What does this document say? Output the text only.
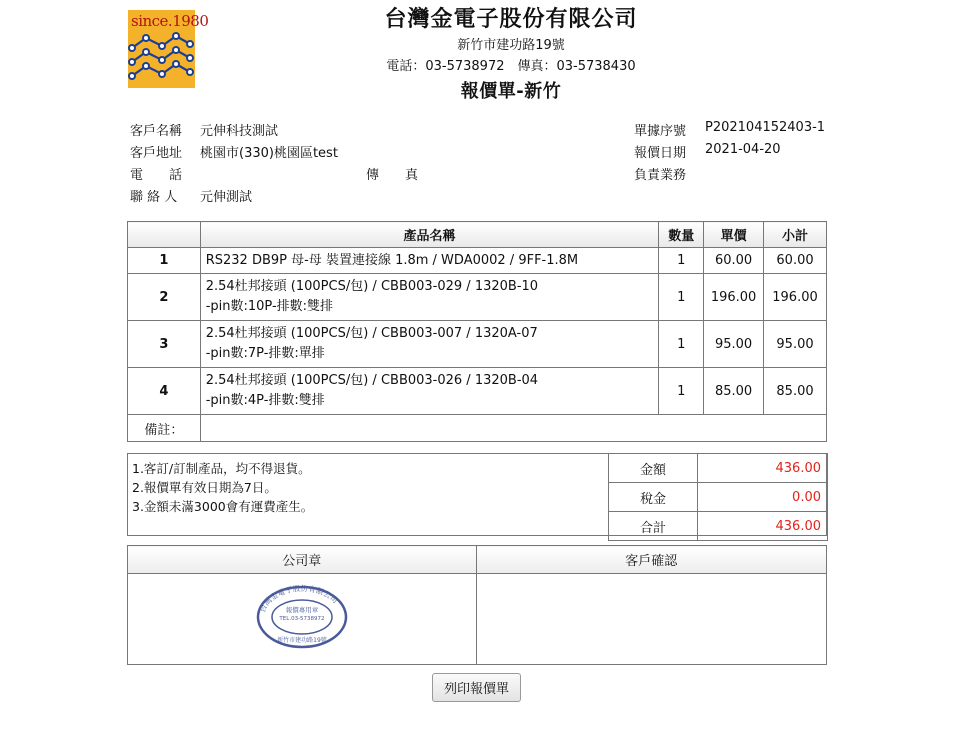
since.1980	台灣金電子股份有限公司
新竹市建功路19號
電話：03-5738972　傳真：03-5738430
報價單-新竹
客戶名稱 元伸科技測試
客戶地址 桃園市(330)桃園區test
電　　話	傳　　真
聯 絡 人 元伸測試
單據序號 P202104152403-1
報價日期 2021-04-20
負責業務
	產品名稱	數量	單價	小計
1	RS232 DB9P 母-母 裝置連接線 1.8m / WDA0002 / 9FF-1.8M	1	60.00	60.00
2	2.54杜邦接頭 (100PCS/包) / CBB003-029 / 1320B-10
-pin數:10P-排數:雙排	1	196.00	196.00
3	2.54杜邦接頭 (100PCS/包) / CBB003-007 / 1320A-07
-pin數:7P-排數:單排	1	95.00	95.00
4	2.54杜邦接頭 (100PCS/包) / CBB003-026 / 1320B-04
-pin數:4P-排數:雙排	1	85.00	85.00
備註：				
1.客訂/訂制產品，均不得退貨。
2.報價單有效日期為7日。
3.金額未滿3000會有運費產生。
金額	436.00
稅金	0.00
合計	436.00
公司章	客戶確認

台灣金電子股份有限公司
報價專用章
TEL.03-5738972
新竹市建功路19號	

列印報價單
